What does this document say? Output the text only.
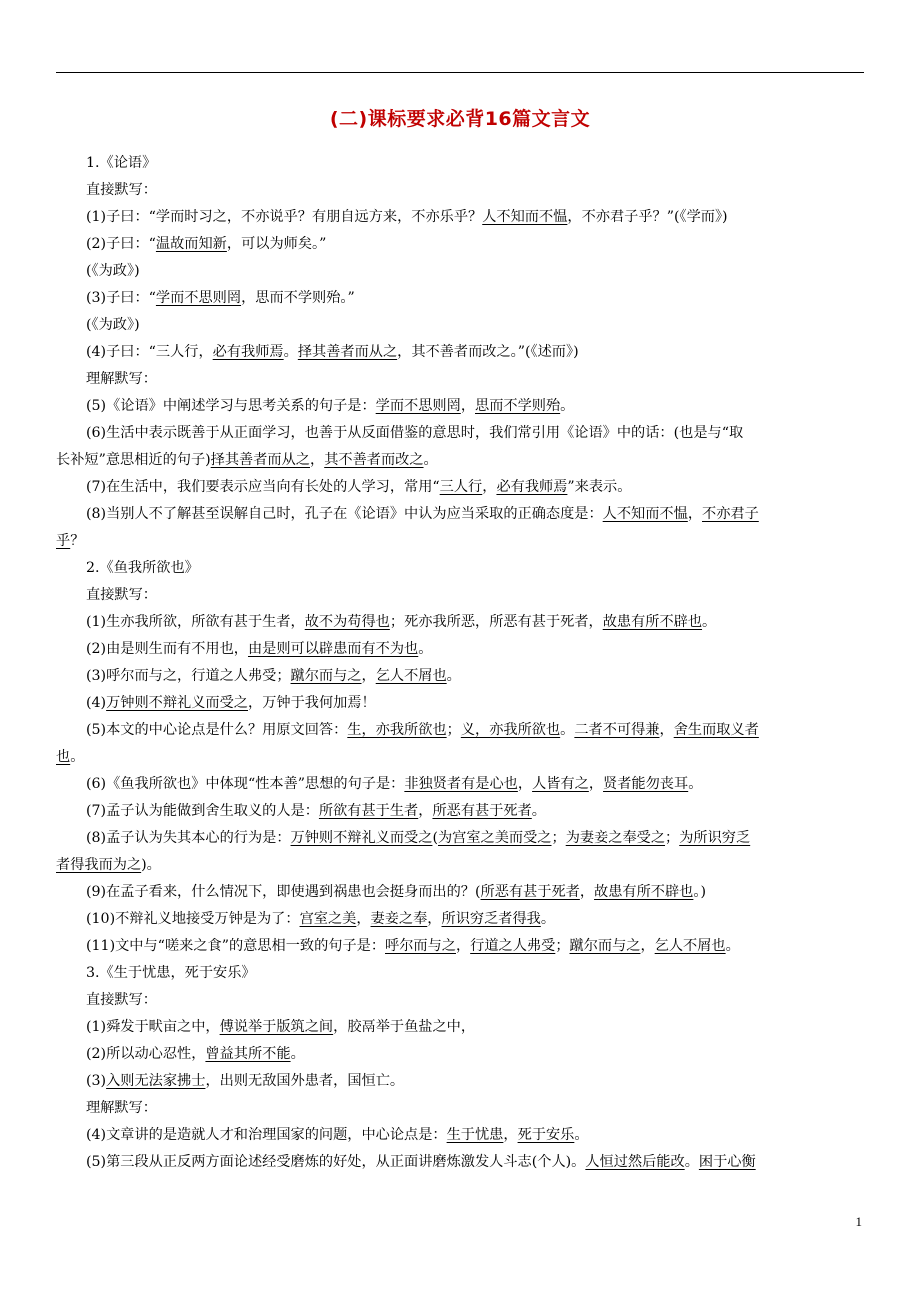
(二)课标要求必背16篇文言文
1.《论语》
直接默写：
(1)子曰：“学而时习之，不亦说乎？有朋自远方来，不亦乐乎？人不知而不愠，不亦君子乎？”(《学而》)
(2)子曰：“温故而知新，可以为师矣。”
(《为政》)
(3)子曰：“学而不思则罔，思而不学则殆。”
(《为政》)
(4)子曰：“三人行，必有我师焉。择其善者而从之，其不善者而改之。”(《述而》)
理解默写：
(5)《论语》中阐述学习与思考关系的句子是：学而不思则罔，思而不学则殆。
(6)生活中表示既善于从正面学习，也善于从反面借鉴的意思时，我们常引用《论语》中的话：(也是与“取
长补短”意思相近的句子)择其善者而从之，其不善者而改之。
(7)在生活中，我们要表示应当向有长处的人学习，常用“三人行，必有我师焉”来表示。
(8)当别人不了解甚至误解自己时，孔子在《论语》中认为应当采取的正确态度是：人不知而不愠，不亦君子
乎？
2.《鱼我所欲也》
直接默写：
(1)生亦我所欲，所欲有甚于生者，故不为苟得也；死亦我所恶，所恶有甚于死者，故患有所不辟也。
(2)由是则生而有不用也，由是则可以辟患而有不为也。
(3)呼尔而与之，行道之人弗受；蹴尔而与之，乞人不屑也。
(4)万钟则不辩礼义而受之，万钟于我何加焉！
(5)本文的中心论点是什么？用原文回答：生，亦我所欲也；义，亦我所欲也。二者不可得兼，舍生而取义者
也。
(6)《鱼我所欲也》中体现“性本善”思想的句子是：非独贤者有是心也，人皆有之，贤者能勿丧耳。
(7)孟子认为能做到舍生取义的人是：所欲有甚于生者，所恶有甚于死者。
(8)孟子认为失其本心的行为是：万钟则不辩礼义而受之(为宫室之美而受之；为妻妾之奉受之；为所识穷乏
者得我而为之)。
(9)在孟子看来，什么情况下，即使遇到祸患也会挺身而出的？(所恶有甚于死者，故患有所不辟也。)
(10)不辩礼义地接受万钟是为了：宫室之美，妻妾之奉，所识穷乏者得我。
(11)文中与“嗟来之食”的意思相一致的句子是：呼尔而与之，行道之人弗受；蹴尔而与之，乞人不屑也。
3.《生于忧患，死于安乐》
直接默写：
(1)舜发于畎亩之中，傅说举于版筑之间，胶鬲举于鱼盐之中，
(2)所以动心忍性，曾益其所不能。
(3)入则无法家拂士，出则无敌国外患者，国恒亡。
理解默写：
(4)文章讲的是造就人才和治理国家的问题，中心论点是：生于忧患，死于安乐。
(5)第三段从正反两方面论述经受磨炼的好处，从正面讲磨炼激发人斗志(个人)。人恒过然后能改。困于心衡
1
